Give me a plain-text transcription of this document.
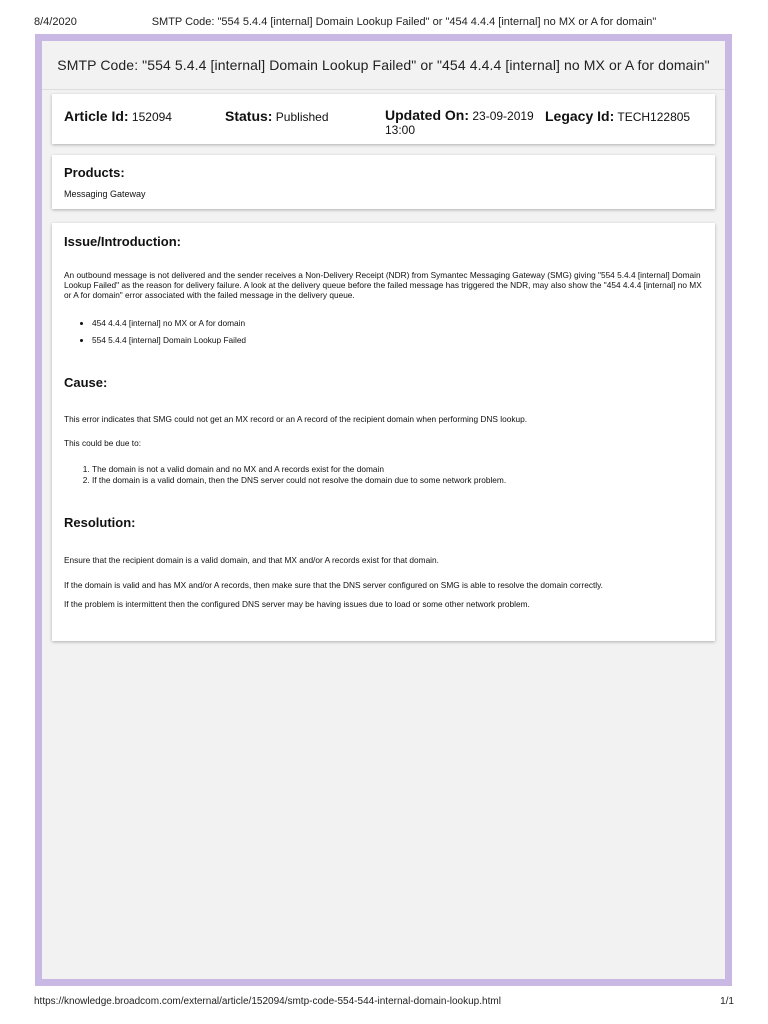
8/4/2020	SMTP Code: "554 5.4.4 [internal] Domain Lookup Failed" or "454 4.4.4 [internal] no MX or A for domain"
SMTP Code: "554 5.4.4 [internal] Domain Lookup Failed" or "454 4.4.4 [internal] no MX or A for domain"
Article Id: 152094	Status: Published	Updated On: 23-09-2019 13:00
Legacy Id: TECH122805
Products:
Messaging Gateway
Issue/Introduction:

An outbound message is not delivered and the sender receives a Non-Delivery Receipt (NDR) from Symantec Messaging Gateway (SMG) giving "554 5.4.4 [internal] Domain Lookup Failed" as the reason for delivery failure. A look at the delivery queue before the failed message has triggered the NDR, may also show the "454 4.4.4 [internal] no MX or A for domain" error associated with the failed message in the delivery queue.

• 454 4.4.4 [internal] no MX or A for domain
• 554 5.4.4 [internal] Domain Lookup Failed
Cause:

This error indicates that SMG could not get an MX record or an A record of the recipient domain when performing DNS lookup.

This could be due to:

1. The domain is not a valid domain and no MX and A records exist for the domain
2. If the domain is a valid domain, then the DNS server could not resolve the domain due to some network problem.
Resolution:

Ensure that the recipient domain is a valid domain, and that MX and/or A records exist for that domain.

If the domain is valid and has MX and/or A records, then make sure that the DNS server configured on SMG is able to resolve the domain correctly.

If the problem is intermittent then the configured DNS server may be having issues due to load or some other network problem.

https://knowledge.broadcom.com/external/article/152094/smtp-code-554-544-internal-domain-lookup.html	1/1
